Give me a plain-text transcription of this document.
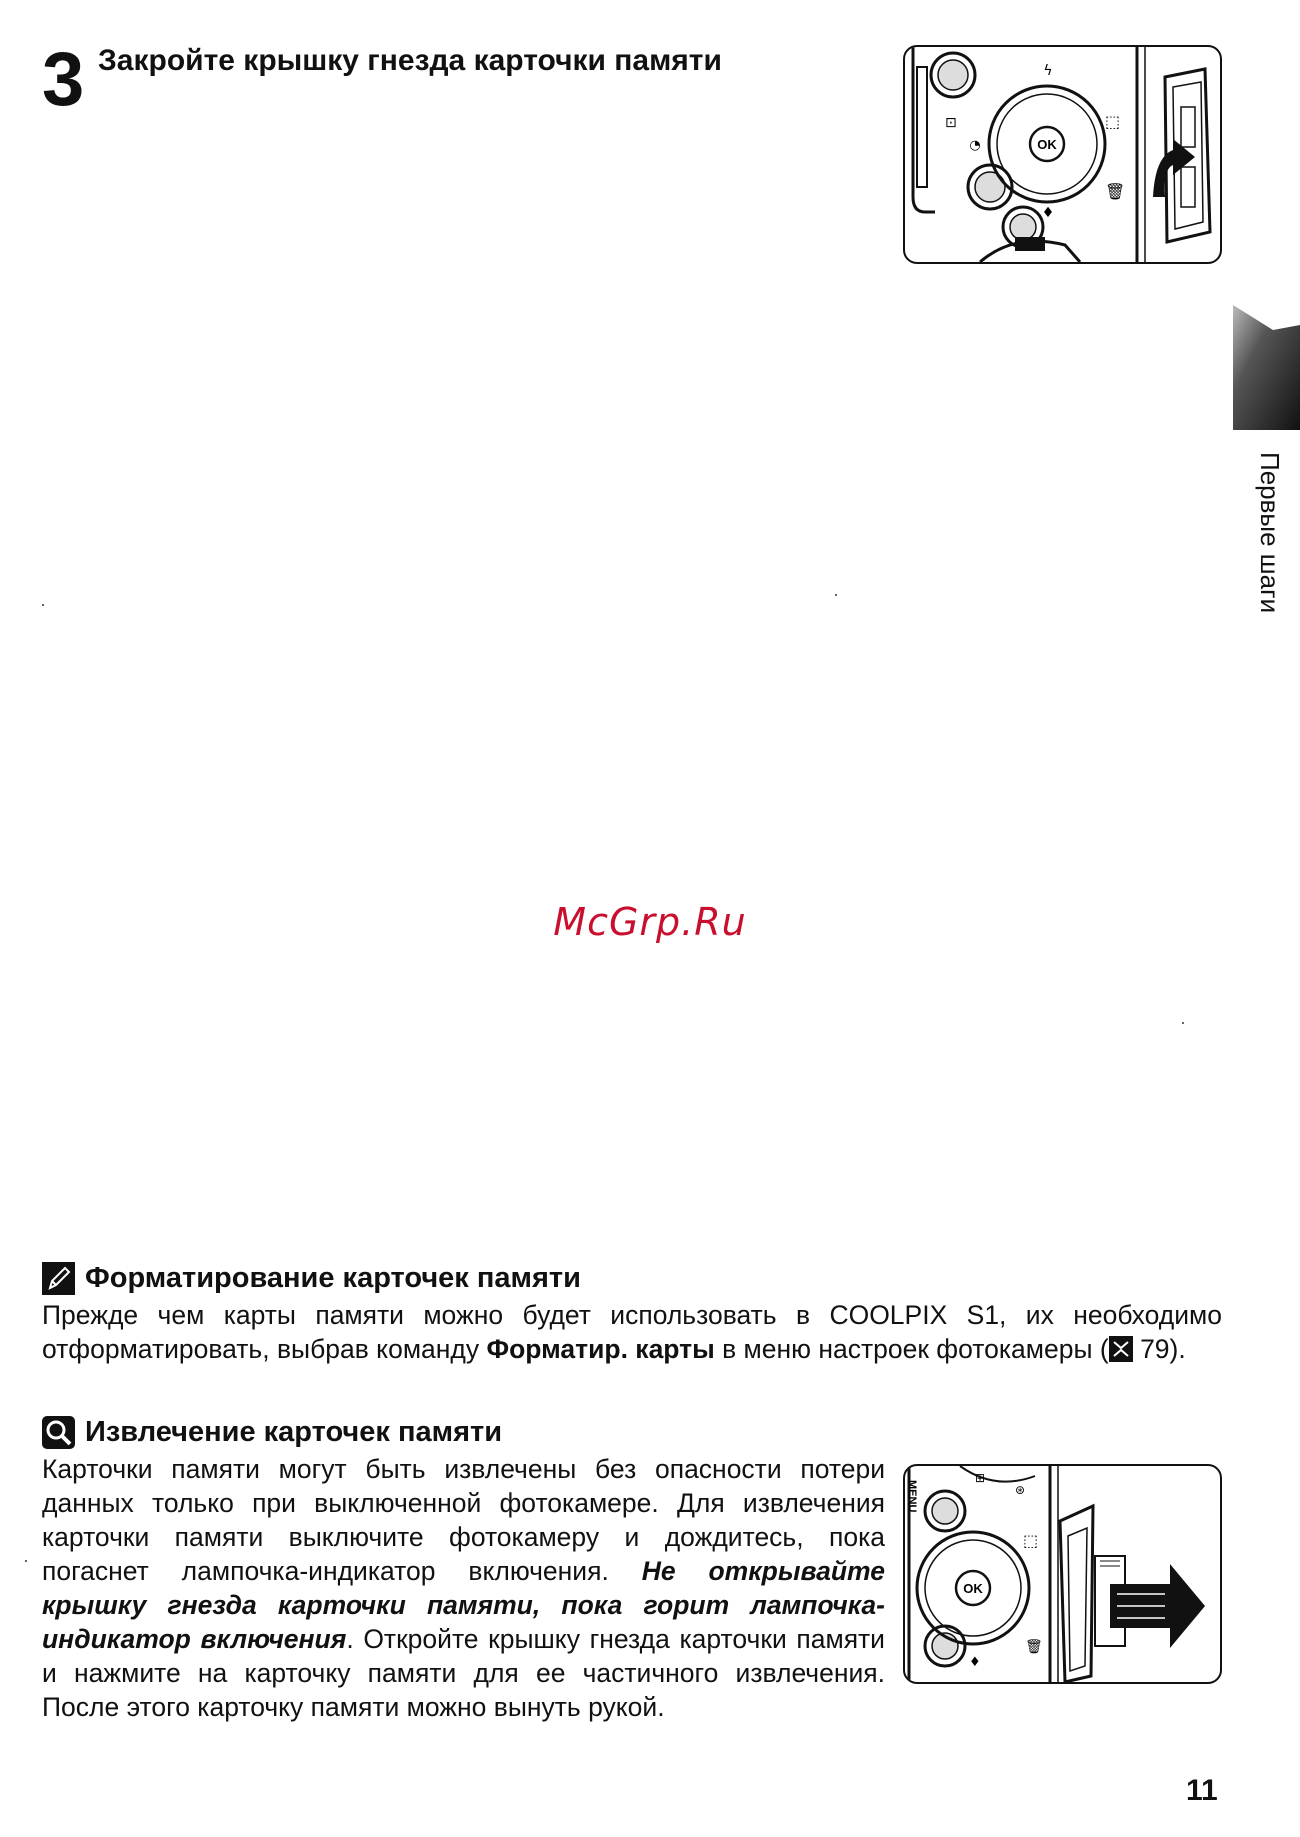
3 Закройте крышку гнезда карточки памяти
OK
ϟ
◔
♦
⊡	⬚
🗑
Первые шаги
McGrp.Ru
Форматирование карточек памяти
Прежде чем карты памяти можно будет использовать в COOLPIX S1, их необходимо отформатировать, выбрав команду Форматир. карты в меню настроек фотокамеры ( 79).
Извлечение карточек памяти
Карточки памяти могут быть извлечены без опасности потери данных только при выключенной фотокамере. Для извлечения карточки памяти выключите фотокамеру и дождитесь, пока погаснет лампочка-индикатор включения. Не открывайте крышку гнезда карточки памяти, пока горит лампочка-индикатор включения. Откройте крышку гнезда карточки памяти и нажмите на карточку памяти для ее частичного извлечения. После этого карточку памяти можно вынуть рукой.
MENU
⊞
⊛
OK
⬚
🗑
♦
11
